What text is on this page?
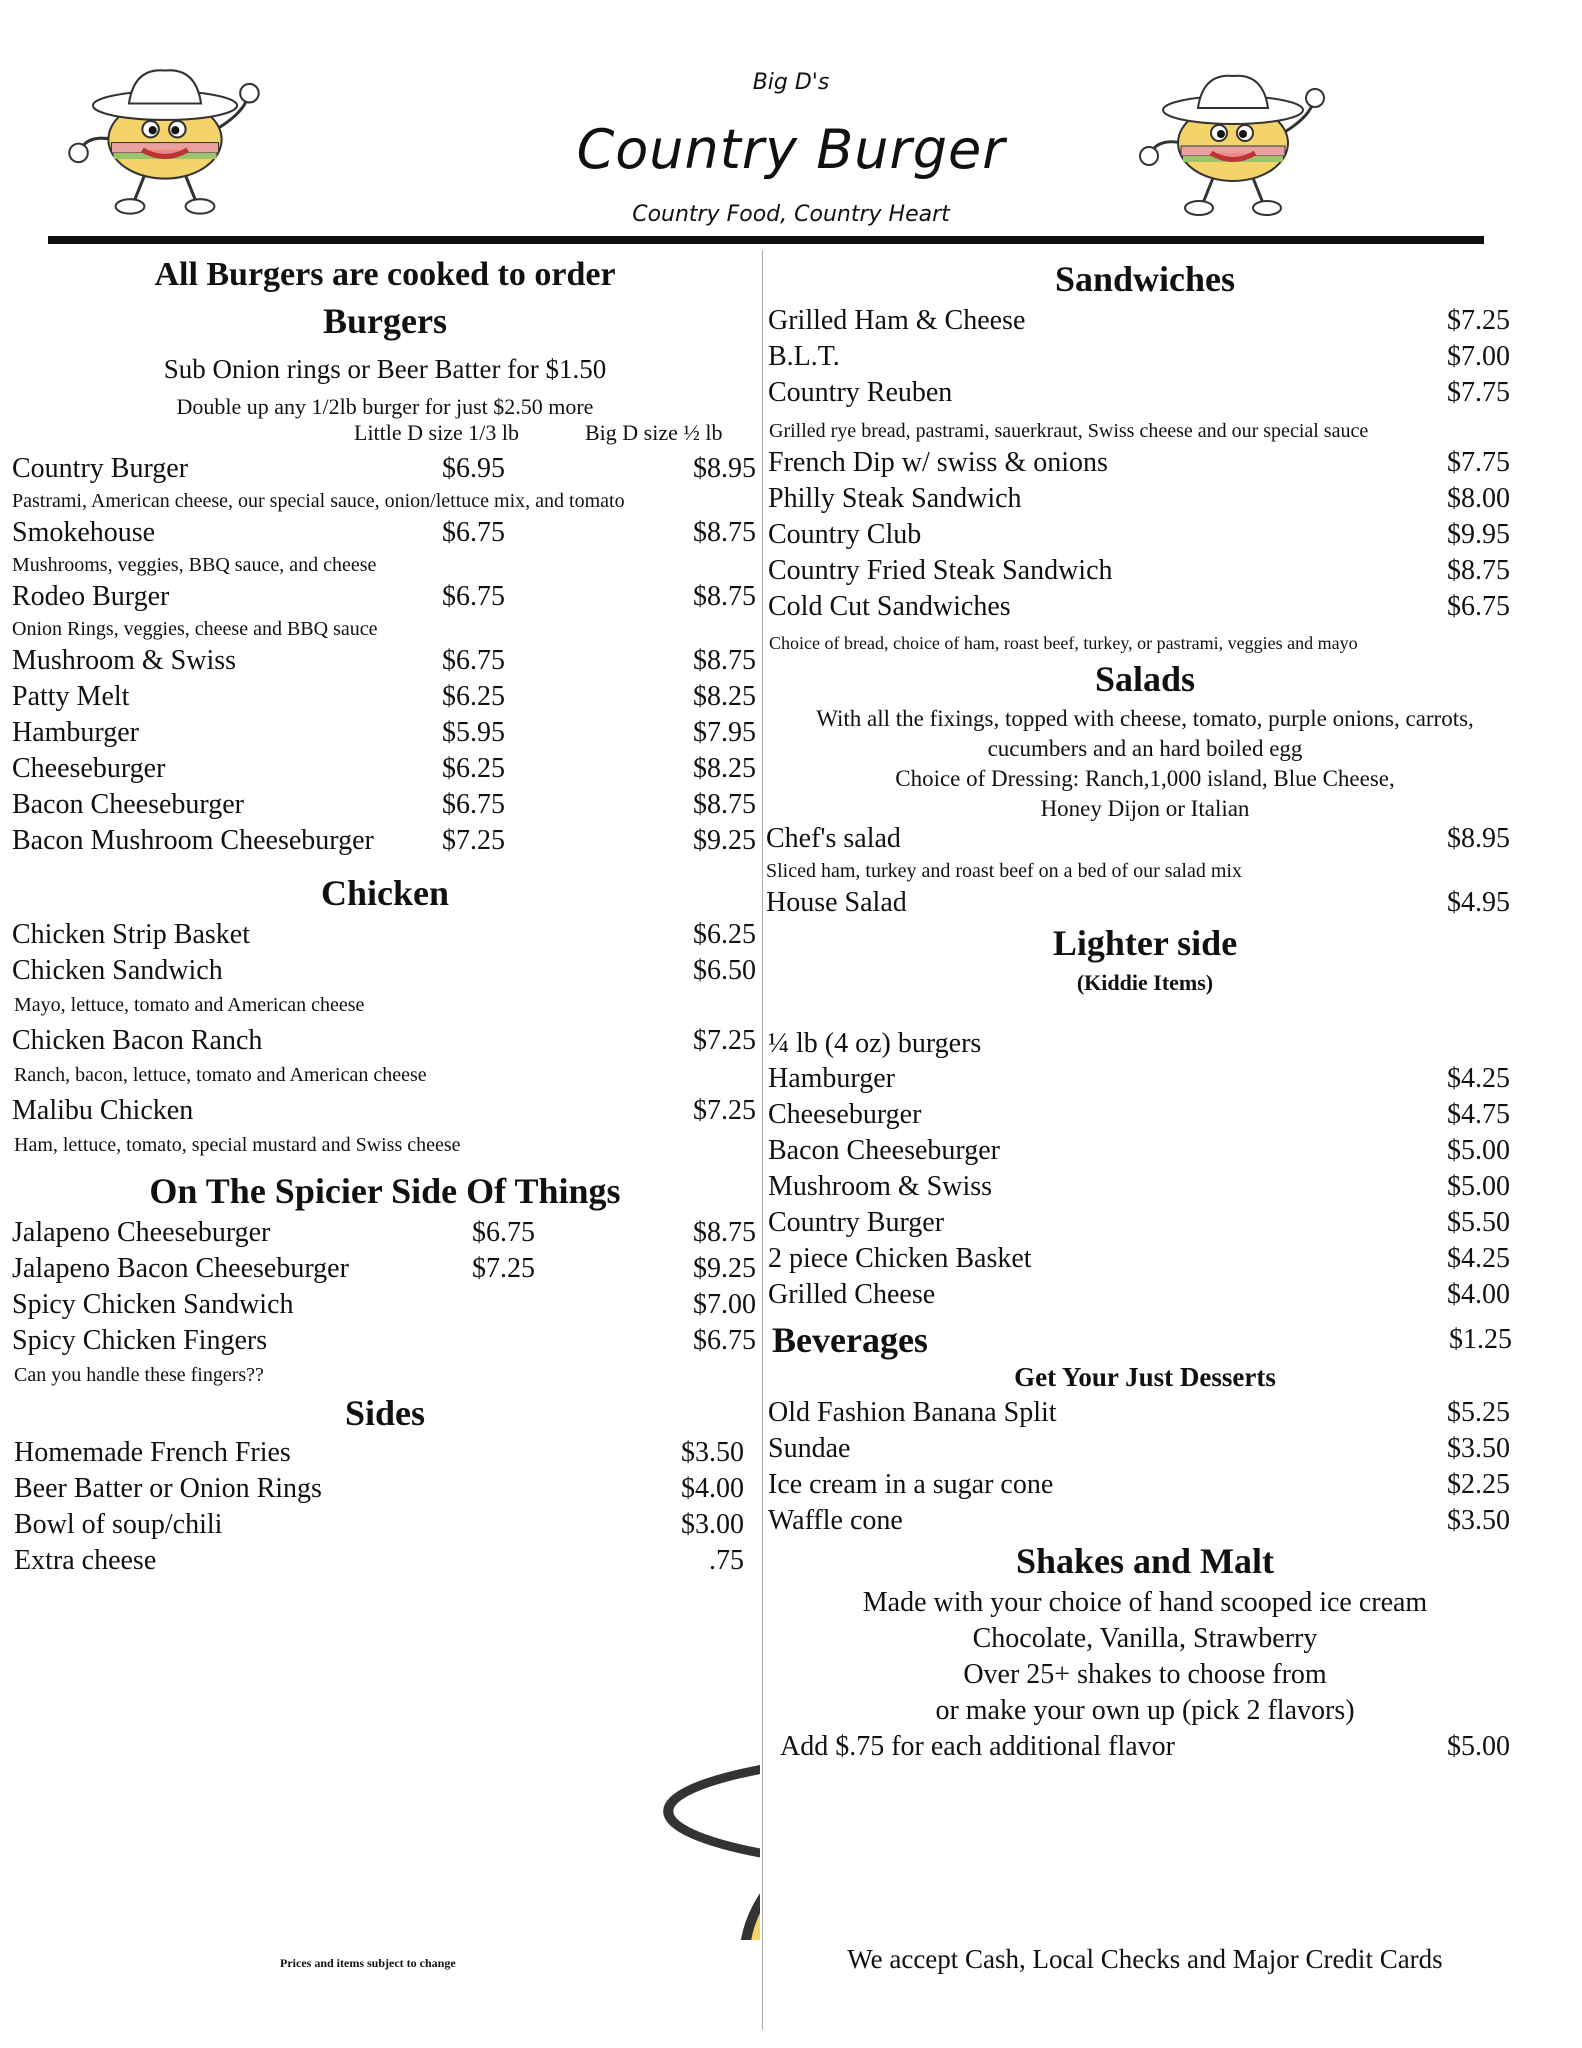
Big D's
Country Burger
Country Food, Country Heart
All Burgers are cooked to order
Burgers
Sub Onion rings or Beer Batter for $1.50
Double up any 1/2lb burger for just $2.50 more
Little D size 1/3 lb	Big D size ½ lb
Country Burger	$6.95	$8.95
Pastrami, American cheese, our special sauce, onion/lettuce mix, and tomato
Smokehouse	$6.75	$8.75
Mushrooms, veggies, BBQ sauce, and cheese
Rodeo Burger	$6.75	$8.75
Onion Rings, veggies, cheese and BBQ sauce
Mushroom & Swiss	$6.75	$8.75
Patty Melt	$6.25	$8.25
Hamburger	$5.95	$7.95
Cheeseburger	$6.25	$8.25
Bacon Cheeseburger	$6.75	$8.75
Bacon Mushroom Cheeseburger $7.25	$9.25
Chicken
Chicken Strip Basket	$6.25
Chicken Sandwich	$6.50
Mayo, lettuce, tomato and American cheese
Chicken Bacon Ranch	$7.25
Ranch, bacon, lettuce, tomato and American cheese
Malibu Chicken	$7.25
Ham, lettuce, tomato, special mustard and Swiss cheese
On The Spicier Side Of Things
Jalapeno Cheeseburger	$6.75	$8.75
Jalapeno Bacon Cheeseburger	$7.25	$9.25
Spicy Chicken Sandwich	$7.00
Spicy Chicken Fingers	$6.75
Can you handle these fingers??
Sides
Homemade French Fries	$3.50
Beer Batter or Onion Rings	$4.00
Bowl of soup/chili	$3.00
Extra cheese	.75
Prices and items subject to change
Sandwiches
Grilled Ham & Cheese	$7.25
B.L.T.	$7.00
Country Reuben	$7.75
Grilled rye bread, pastrami, sauerkraut, Swiss cheese and our special sauce
French Dip w/ swiss & onions	$7.75
Philly Steak Sandwich	$8.00
Country Club	$9.95
Country Fried Steak Sandwich	$8.75
Cold Cut Sandwiches	$6.75
Choice of bread, choice of ham, roast beef, turkey, or pastrami, veggies and mayo
Salads
With all the fixings, topped with cheese, tomato, purple onions, carrots,
cucumbers and an hard boiled egg
Choice of Dressing: Ranch,1,000 island, Blue Cheese,
Honey Dijon or Italian
Chef's salad	$8.95
Sliced ham, turkey and roast beef on a bed of our salad mix
House Salad	$4.95
Lighter side
(Kiddie Items)
¼ lb (4 oz) burgers
Hamburger	$4.25
Cheeseburger	$4.75
Bacon Cheeseburger	$5.00
Mushroom & Swiss	$5.00
Country Burger	$5.50
2 piece Chicken Basket	$4.25
Grilled Cheese	$4.00
Beverages	$1.25
Get Your Just Desserts
Old Fashion Banana Split	$5.25
Sundae	$3.50
Ice cream in a sugar cone	$2.25
Waffle cone	$3.50
Shakes and Malt
Made with your choice of hand scooped ice cream
Chocolate, Vanilla, Strawberry
Over 25+ shakes to choose from
or make your own up (pick 2 flavors)
Add $.75 for each additional flavor	$5.00
We accept Cash, Local Checks and Major Credit Cards
